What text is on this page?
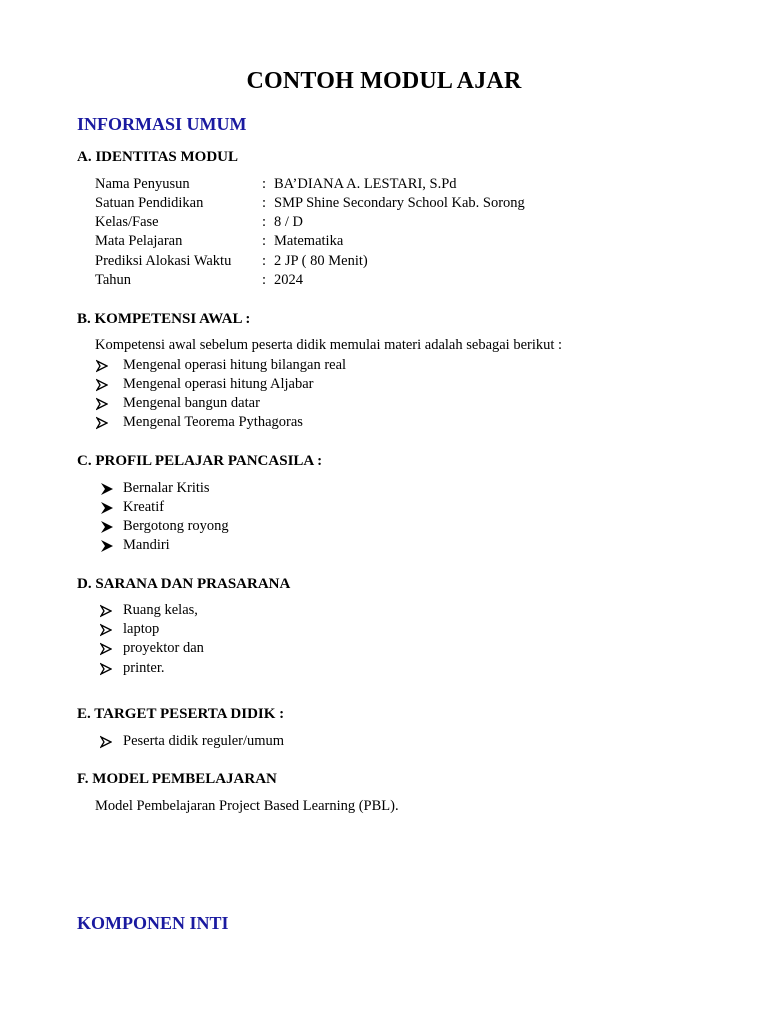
CONTOH MODUL AJAR
INFORMASI UMUM
A. IDENTITAS MODUL
Nama Penyusun	: BA’DIANA A. LESTARI, S.Pd
Satuan Pendidikan	: SMP Shine Secondary School Kab. Sorong
Kelas/Fase	: 8 / D
Mata Pelajaran	: Matematika
Prediksi Alokasi Waktu : 2 JP ( 80 Menit)
Tahun	: 2024
B. KOMPETENSI AWAL :
Kompetensi awal sebelum peserta didik memulai materi adalah sebagai berikut :
Mengenal operasi hitung bilangan real
Mengenal operasi hitung Aljabar
Mengenal bangun datar
Mengenal Teorema Pythagoras
C. PROFIL PELAJAR PANCASILA :
Bernalar Kritis
Kreatif
Bergotong royong
Mandiri
D. SARANA DAN PRASARANA
Ruang kelas,
laptop
proyektor dan
printer.
E. TARGET PESERTA DIDIK :
Peserta didik reguler/umum
F. MODEL PEMBELAJARAN
Model Pembelajaran Project Based Learning (PBL).
KOMPONEN INTI
